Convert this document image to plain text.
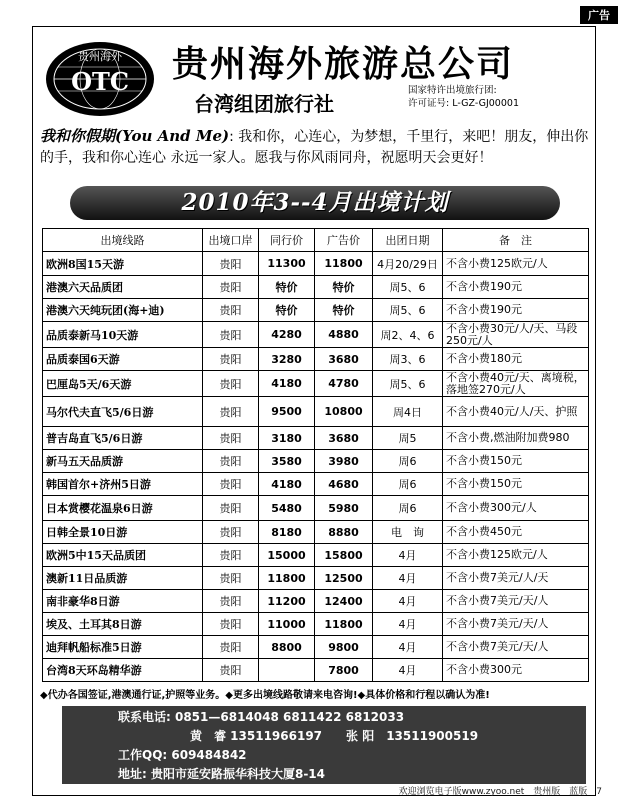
广告
贵州海外
OTC 贵州海外旅游总公司
台湾组团旅行社
国家特许出境旅行团:
许可证号: L-GZ-GJ00001
我和你假期(You And Me): 我和你，心连心，为梦想，千里行，来吧！朋友，伸出你的手，我和你心连心 永远一家人。愿我与你风雨同舟，祝愿明天会更好！
2010年3--4月出境计划
出境线路	出境口岸	同行价	广告价	出团日期	备　注
欧洲8国15天游	贵阳	11300	11800	4月20/29日	不含小费125欧元/人
港澳六天品质团	贵阳	特价	特价	周5、6	不含小费190元
港澳六天纯玩团(海+迪)	贵阳	特价	特价	周5、6	不含小费190元
品质泰新马10天游	贵阳	4280	4880	周2、4、6	不含小费30元/人/天、马段250元/人
品质泰国6天游	贵阳	3280	3680	周3、6	不含小费180元
巴厘岛5天/6天游	贵阳	4180	4780	周5、6	不含小费40元/天、离境税，落地签270元/人
马尔代夫直飞5/6日游	贵阳	9500	10800	周4日	不含小费40元/人/天、护照
普吉岛直飞5/6日游	贵阳	3180	3680	周5	不含小费,燃油附加费980
新马五天品质游	贵阳	3580	3980	周6	不含小费150元
韩国首尔+济州5日游	贵阳	4180	4680	周6	不含小费150元
日本赏樱花温泉6日游	贵阳	5480	5980	周6	不含小费300元/人
日韩全景10日游	贵阳	8180	8880	电　询	不含小费450元
欧洲5中15天品质团	贵阳	15000	15800	4月	不含小费125欧元/人
澳新11日品质游	贵阳	11800	12500	4月	不含小费7美元/人/天
南非豪华8日游	贵阳	11200	12400	4月	不含小费7美元/天/人
埃及、土耳其8日游	贵阳	11000	11800	4月	不含小费7美元/天/人
迪拜帆船标准5日游	贵阳	8800	9800	4月	不含小费7美元/天/人
台湾8天环岛精华游	贵阳		7800	4月	不含小费300元
◆代办各国签证,港澳通行证,护照等业务。◆更多出境线路敬请来电咨询!◆具体价格和行程以确认为准!
联系电话: 0851—6814048 6811422 6812033
黄　睿 13511966197　　张 阳　13511900519
工作QQ: 609484842
地址: 贵阳市延安路振华科技大厦8-14
欢迎浏览电子版www.zyoo.net　贵州版　蓝版　7
